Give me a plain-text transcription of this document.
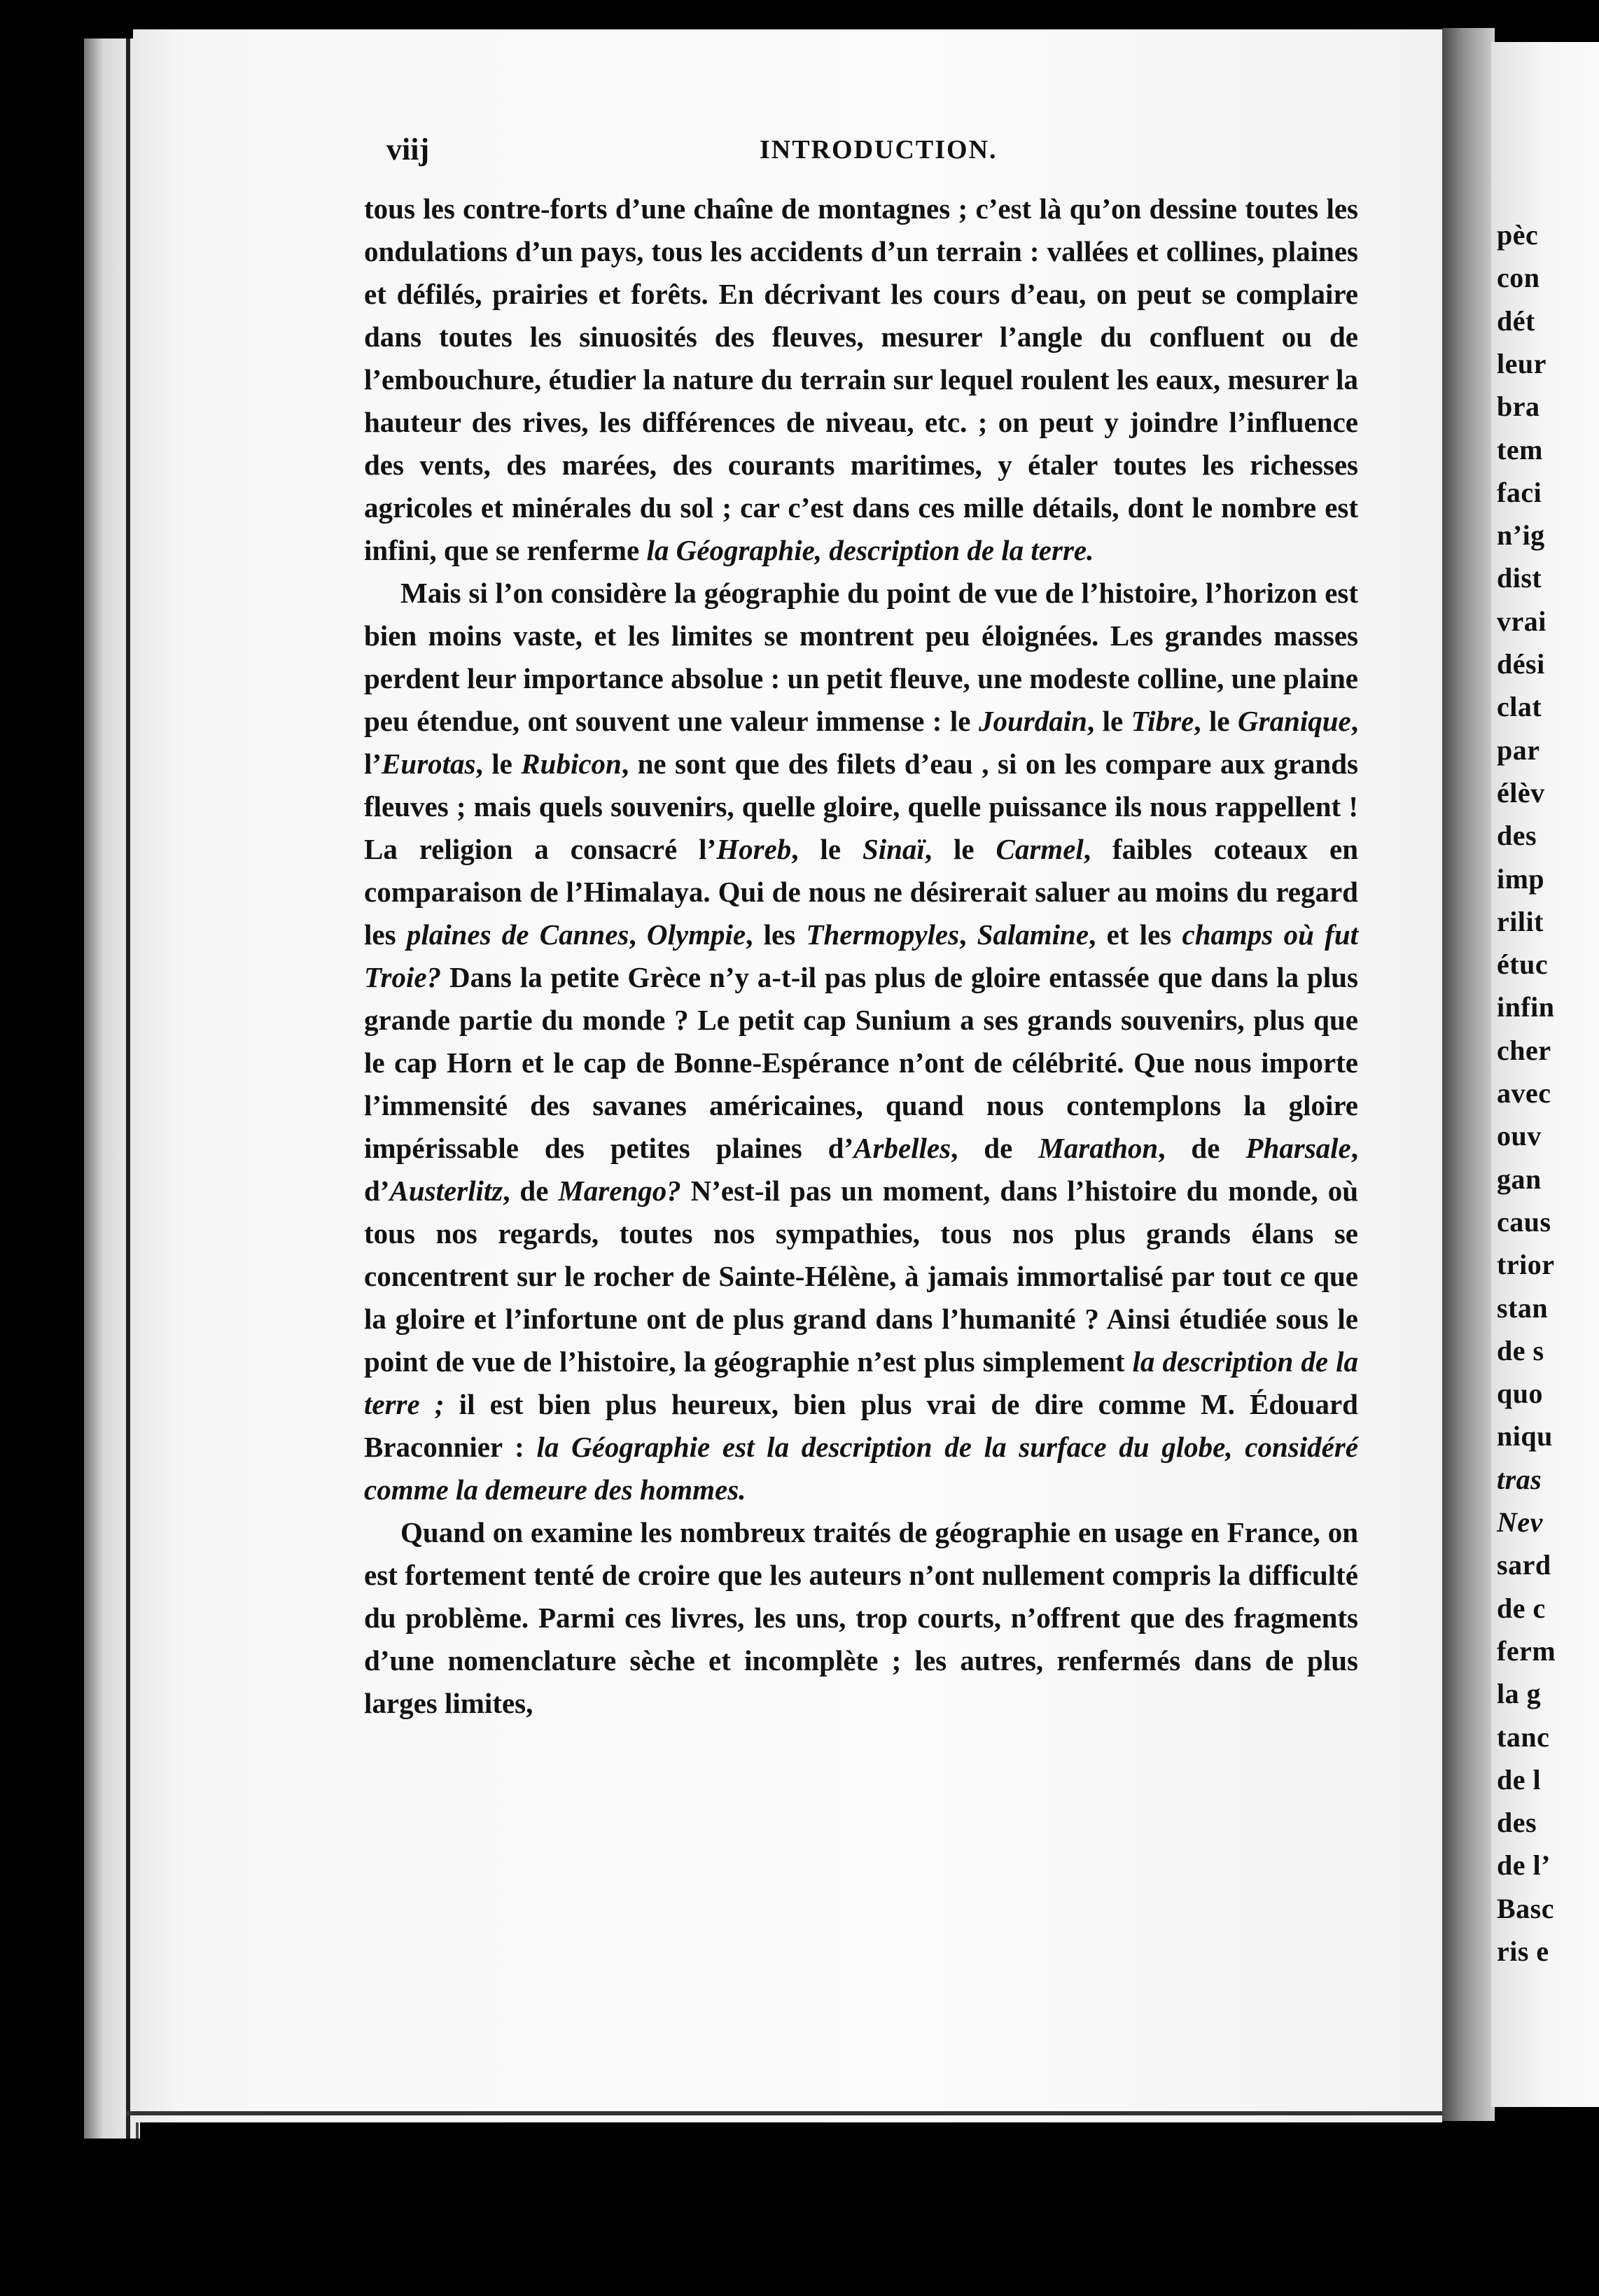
pèc
con
dét
leur
bra
tem
faci
n’ig
dist
vrai
dési
clat
par
élèv
des
imp
rilit
étuc
infin
cher
avec
ouv
gan
caus
trior
stan
de s
quo
niqu
tras
Nev
sard
de c
ferm
la g
tanc
de l
des
de l’
Basc
ris e
viij	INTRODUCTION.

tous les contre-forts d’une chaîne de montagnes ; c’est là qu’on dessine toutes les ondulations d’un pays, tous les accidents d’un terrain : vallées et collines, plaines et défilés, prairies et forêts. En décrivant les cours d’eau, on peut se complaire dans toutes les sinuosités des fleuves, mesurer l’angle du confluent ou de l’embouchure, étudier la nature du terrain sur lequel roulent les eaux, mesurer la hauteur des rives, les différences de niveau, etc. ; on peut y joindre l’influence des vents, des marées, des courants maritimes, y étaler toutes les richesses agricoles et minérales du sol ; car c’est dans ces mille détails, dont le nombre est infini, que se renferme la Géographie, description de la terre.

Mais si l’on considère la géographie du point de vue de l’histoire, l’horizon est bien moins vaste, et les limites se montrent peu éloignées. Les grandes masses perdent leur importance absolue : un petit fleuve, une modeste colline, une plaine peu étendue, ont souvent une valeur immense : le Jourdain, le Tibre, le Granique, l’Eurotas, le Rubicon, ne sont que des filets d’eau , si on les compare aux grands fleuves ; mais quels souvenirs, quelle gloire, quelle puissance ils nous rappellent ! La religion a consacré l’Horeb, le Sinaï, le Carmel, faibles coteaux en comparaison de l’Himalaya. Qui de nous ne désirerait saluer au moins du regard les plaines de Cannes, Olympie, les Thermopyles, Salamine, et les champs où fut Troie? Dans la petite Grèce n’y a-t-il pas plus de gloire entassée que dans la plus grande partie du monde ? Le petit cap Sunium a ses grands souvenirs, plus que le cap Horn et le cap de Bonne-Espérance n’ont de célébrité. Que nous importe l’immensité des savanes américaines, quand nous contemplons la gloire impérissable des petites plaines d’Arbelles, de Marathon, de Pharsale, d’Austerlitz, de Marengo? N’est-il pas un moment, dans l’histoire du monde, où tous nos regards, toutes nos sympathies, tous nos plus grands élans se concentrent sur le rocher de Sainte-Hélène, à jamais immortalisé par tout ce que la gloire et l’infortune ont de plus grand dans l’humanité ? Ainsi étudiée sous le point de vue de l’histoire, la géographie n’est plus simplement la description de la terre ; il est bien plus heureux, bien plus vrai de dire comme M. Édouard Braconnier : la Géographie est la description de la surface du globe, considéré comme la demeure des hommes.

Quand on examine les nombreux traités de géographie en usage en France, on est fortement tenté de croire que les auteurs n’ont nullement compris la difficulté du problème. Parmi ces livres, les uns, trop courts, n’offrent que des fragments d’une nomenclature sèche et incomplète ; les autres, renfermés dans de plus larges limites,
